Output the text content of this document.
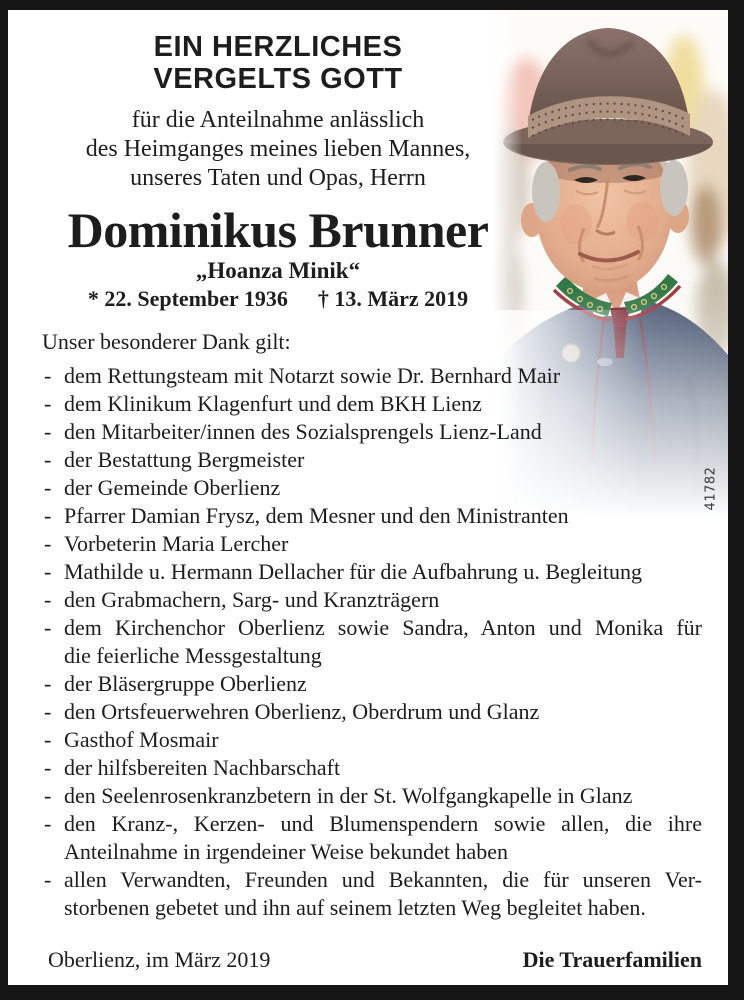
EIN HERZLICHES
VERGELTS GOTT
für die Anteilnahme anlässlich
des Heimganges meines lieben Mannes,
unseres Taten und Opas, Herrn
Dominikus Brunner
„Hoanza Minik“
* 22. September 1936 † 13. März 2019
Unser besonderer Dank gilt:
- dem Rettungsteam mit Notarzt sowie Dr. Bernhard Mair
- dem Klinikum Klagenfurt und dem BKH Lienz
- den Mitarbeiter/innen des Sozialsprengels Lienz-Land
- der Bestattung Bergmeister
- der Gemeinde Oberlienz
- Pfarrer Damian Frysz, dem Mesner und den Ministranten
- Vorbeterin Maria Lercher
- Mathilde u. Hermann Dellacher für die Aufbahrung u. Begleitung
- den Grabmachern, Sarg- und Kranzträgern
- dem Kirchenchor Oberlienz sowie Sandra, Anton und Monika für
die feierliche Messgestaltung
- der Bläsergruppe Oberlienz
- den Ortsfeuerwehren Oberlienz, Oberdrum und Glanz
- Gasthof Mosmair
- der hilfsbereiten Nachbarschaft
- den Seelenrosenkranzbetern in der St. Wolfgangkapelle in Glanz
- den Kranz-, Kerzen- und Blumenspendern sowie allen, die ihre
Anteilnahme in irgendeiner Weise bekundet haben
- allen Verwandten, Freunden und Bekannten, die für unseren Ver-
storbenen gebetet und ihn auf seinem letzten Weg begleitet haben.
41782
Oberlienz, im März 2019	Die Trauerfamilien
